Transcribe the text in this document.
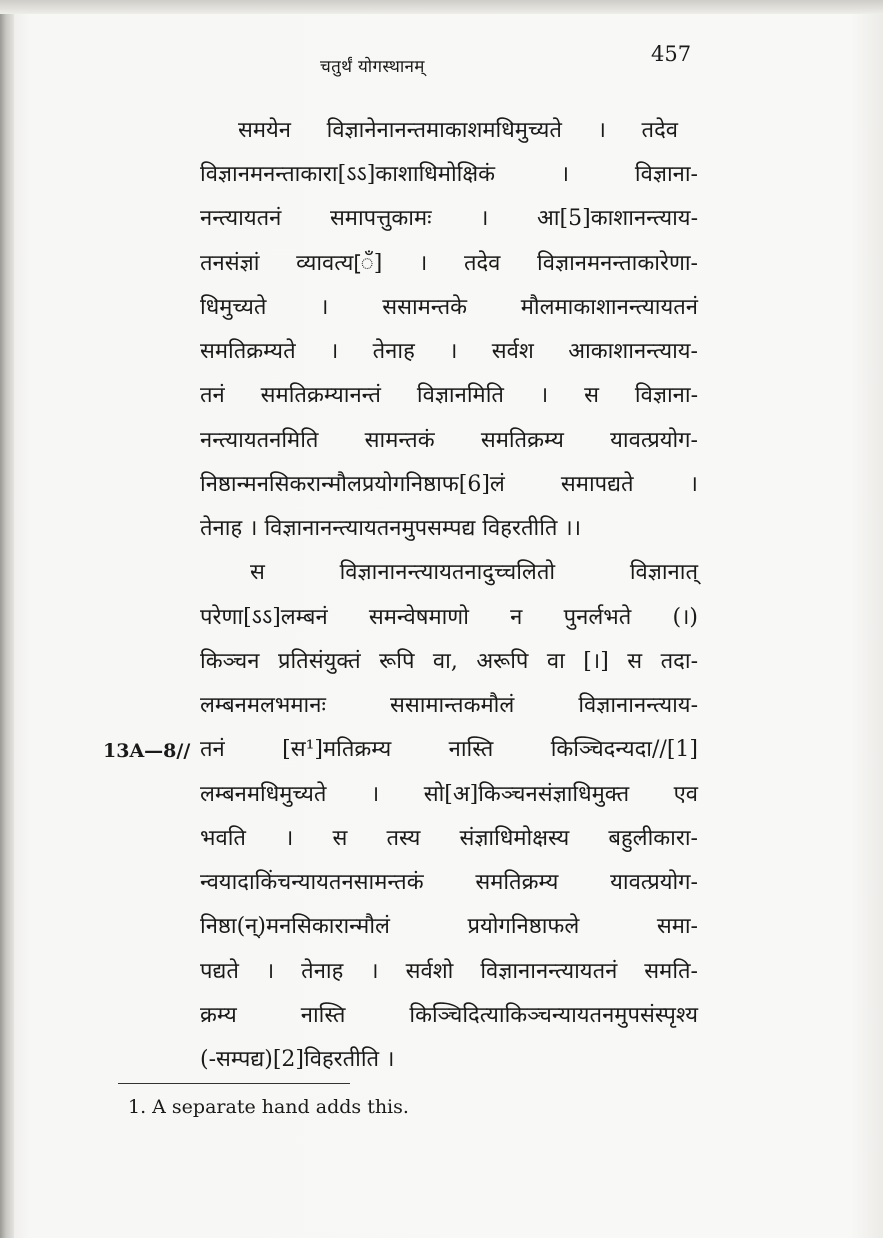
चतुर्थं योगस्थानम्
457
समयेन विज्ञानेनानन्तमाकाशमधिमुच्यते । तदेव
विज्ञानमनन्ताकारा[ऽऽ]काशाधिमोक्षिकं । विज्ञाना-
नन्त्यायतनं समापत्तुकामः । आ[5]काशानन्त्याय-
तनसंज्ञां व्यावत्य[ँ] । तदेव विज्ञानमनन्ताकारेणा-
धिमुच्यते । ससामन्तके मौलमाकाशानन्त्यायतनं
समतिक्रम्यते । तेनाह । सर्वश आकाशानन्त्याय-
तनं समतिक्रम्यानन्तं विज्ञानमिति । स विज्ञाना-
नन्त्यायतनमिति सामन्तकं समतिक्रम्य यावत्प्रयोग-
निष्ठान्मनसिकरान्मौलप्रयोगनिष्ठाफ[6]लं समापद्यते ।
तेनाह । विज्ञानानन्त्यायतनमुपसम्पद्य विहरतीति ।।
स विज्ञानानन्त्यायतनादुच्चलितो विज्ञानात्
परेणा[ऽऽ]लम्बनं समन्वेषमाणो न पुनर्लभते (।)
किञ्चन प्रतिसंयुक्तं रूपि वा, अरूपि वा [।] स तदा-
लम्बनमलभमानः ससामान्तकमौलं विज्ञानानन्त्याय-
13A—8// तनं [स¹]मतिक्रम्य नास्ति किञ्चिदन्यदा//[1]
लम्बनमधिमुच्यते । सो[अ]किञ्चनसंज्ञाधिमुक्त एव
भवति । स तस्य संज्ञाधिमोक्षस्य बहुलीकारा-
न्वयादाकिंचन्यायतनसामन्तकं समतिक्रम्य यावत्प्रयोग-
निष्ठा(न्)मनसिकारान्मौलं प्रयोगनिष्ठाफले समा-
पद्यते । तेनाह । सर्वशो विज्ञानानन्त्यायतनं समति-
क्रम्य नास्ति किञ्चिदित्याकिञ्चन्यायतनमुपसंस्पृश्य
(-सम्पद्य)[2]विहरतीति ।
1. A separate hand adds this.
